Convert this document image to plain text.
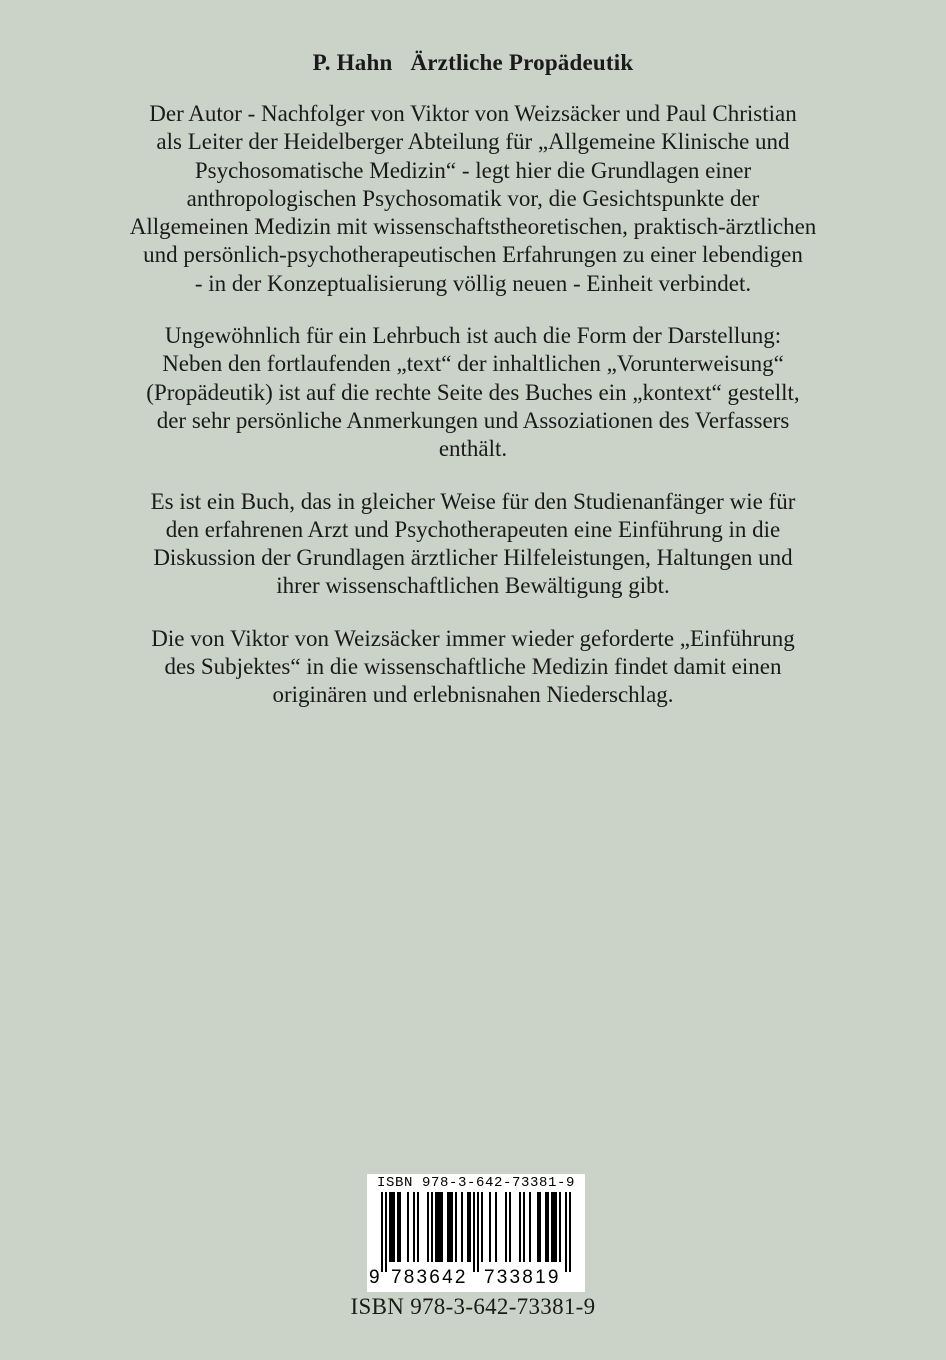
P. Hahn Ärztliche Propädeutik

Der Autor - Nachfolger von Viktor von Weizsäcker und Paul Christian
als Leiter der Heidelberger Abteilung für „Allgemeine Klinische und
Psychosomatische Medizin“ - legt hier die Grundlagen einer
anthropologischen Psychosomatik vor, die Gesichtspunkte der
Allgemeinen Medizin mit wissenschaftstheoretischen, praktisch-ärztlichen
und persönlich-psychotherapeutischen Erfahrungen zu einer lebendigen
- in der Konzeptualisierung völlig neuen - Einheit verbindet.

Ungewöhnlich für ein Lehrbuch ist auch die Form der Darstellung:
Neben den fortlaufenden „text“ der inhaltlichen „Vorunterweisung“
(Propädeutik) ist auf die rechte Seite des Buches ein „kontext“ gestellt,
der sehr persönliche Anmerkungen und Assoziationen des Verfassers
enthält.

Es ist ein Buch, das in gleicher Weise für den Studienanfänger wie für
den erfahrenen Arzt und Psychotherapeuten eine Einführung in die
Diskussion der Grundlagen ärztlicher Hilfeleistungen, Haltungen und
ihrer wissenschaftlichen Bewältigung gibt.

Die von Viktor von Weizsäcker immer wieder geforderte „Einführung
des Subjektes“ in die wissenschaftliche Medizin findet damit einen
originären und erlebnisnahen Niederschlag.

ISBN 978-3-642-73381-9
9 783642 733819
ISBN 978-3-642-73381-9
